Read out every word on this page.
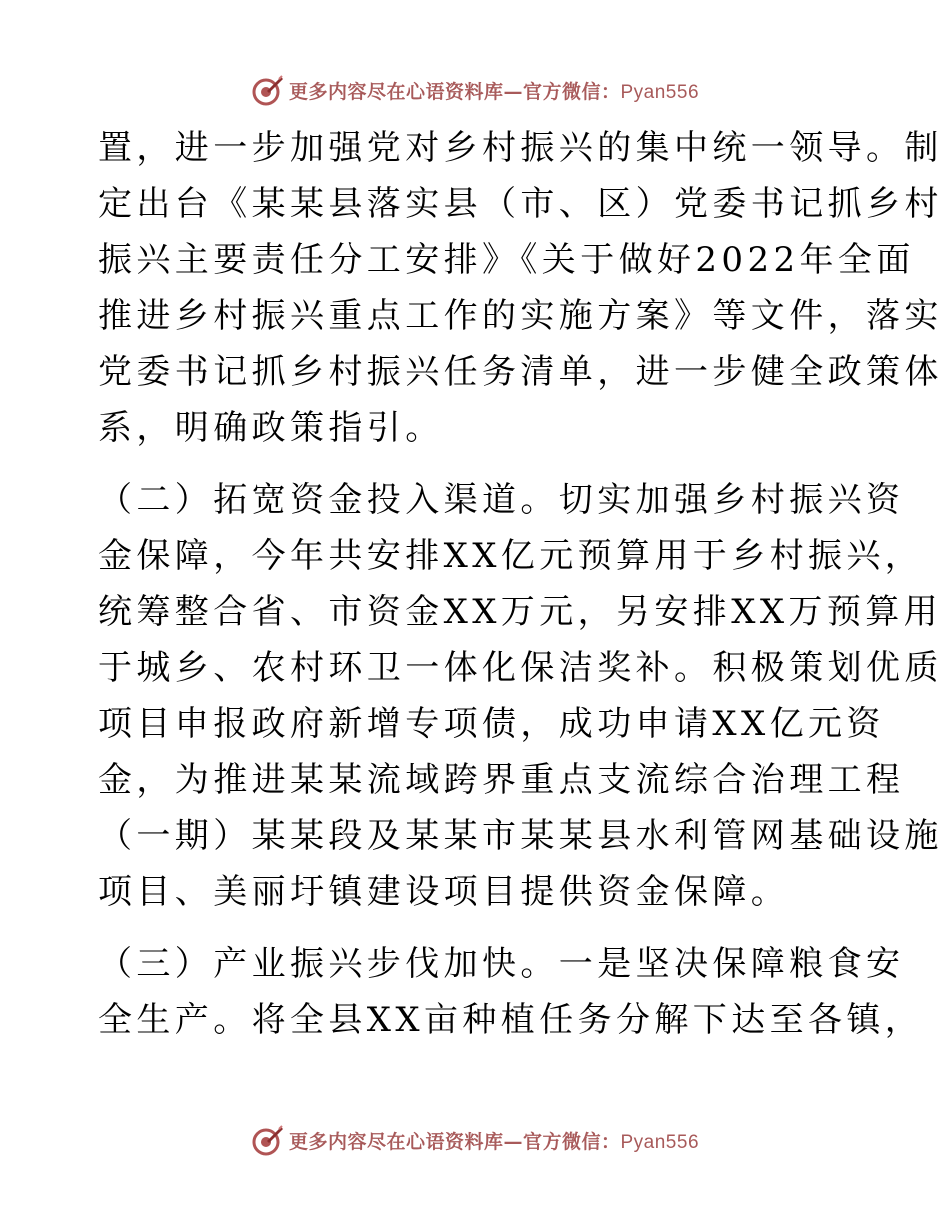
更多内容尽在心语资料库—官方微信：Pyan556
置，进一步加强党对乡村振兴的集中统一领导。制
定出台《某某县落实县（市、区）党委书记抓乡村
振兴主要责任分工安排》《关于做好2022年全面
推进乡村振兴重点工作的实施方案》等文件，落实
党委书记抓乡村振兴任务清单，进一步健全政策体
系，明确政策指引。
（二）拓宽资金投入渠道。切实加强乡村振兴资
金保障，今年共安排XX亿元预算用于乡村振兴，
统筹整合省、市资金XX万元，另安排XX万预算用
于城乡、农村环卫一体化保洁奖补。积极策划优质
项目申报政府新增专项债，成功申请XX亿元资
金，为推进某某流域跨界重点支流综合治理工程
（一期）某某段及某某市某某县水利管网基础设施
项目、美丽圩镇建设项目提供资金保障。
（三）产业振兴步伐加快。一是坚决保障粮食安
全生产。将全县XX亩种植任务分解下达至各镇，
更多内容尽在心语资料库—官方微信：Pyan556
